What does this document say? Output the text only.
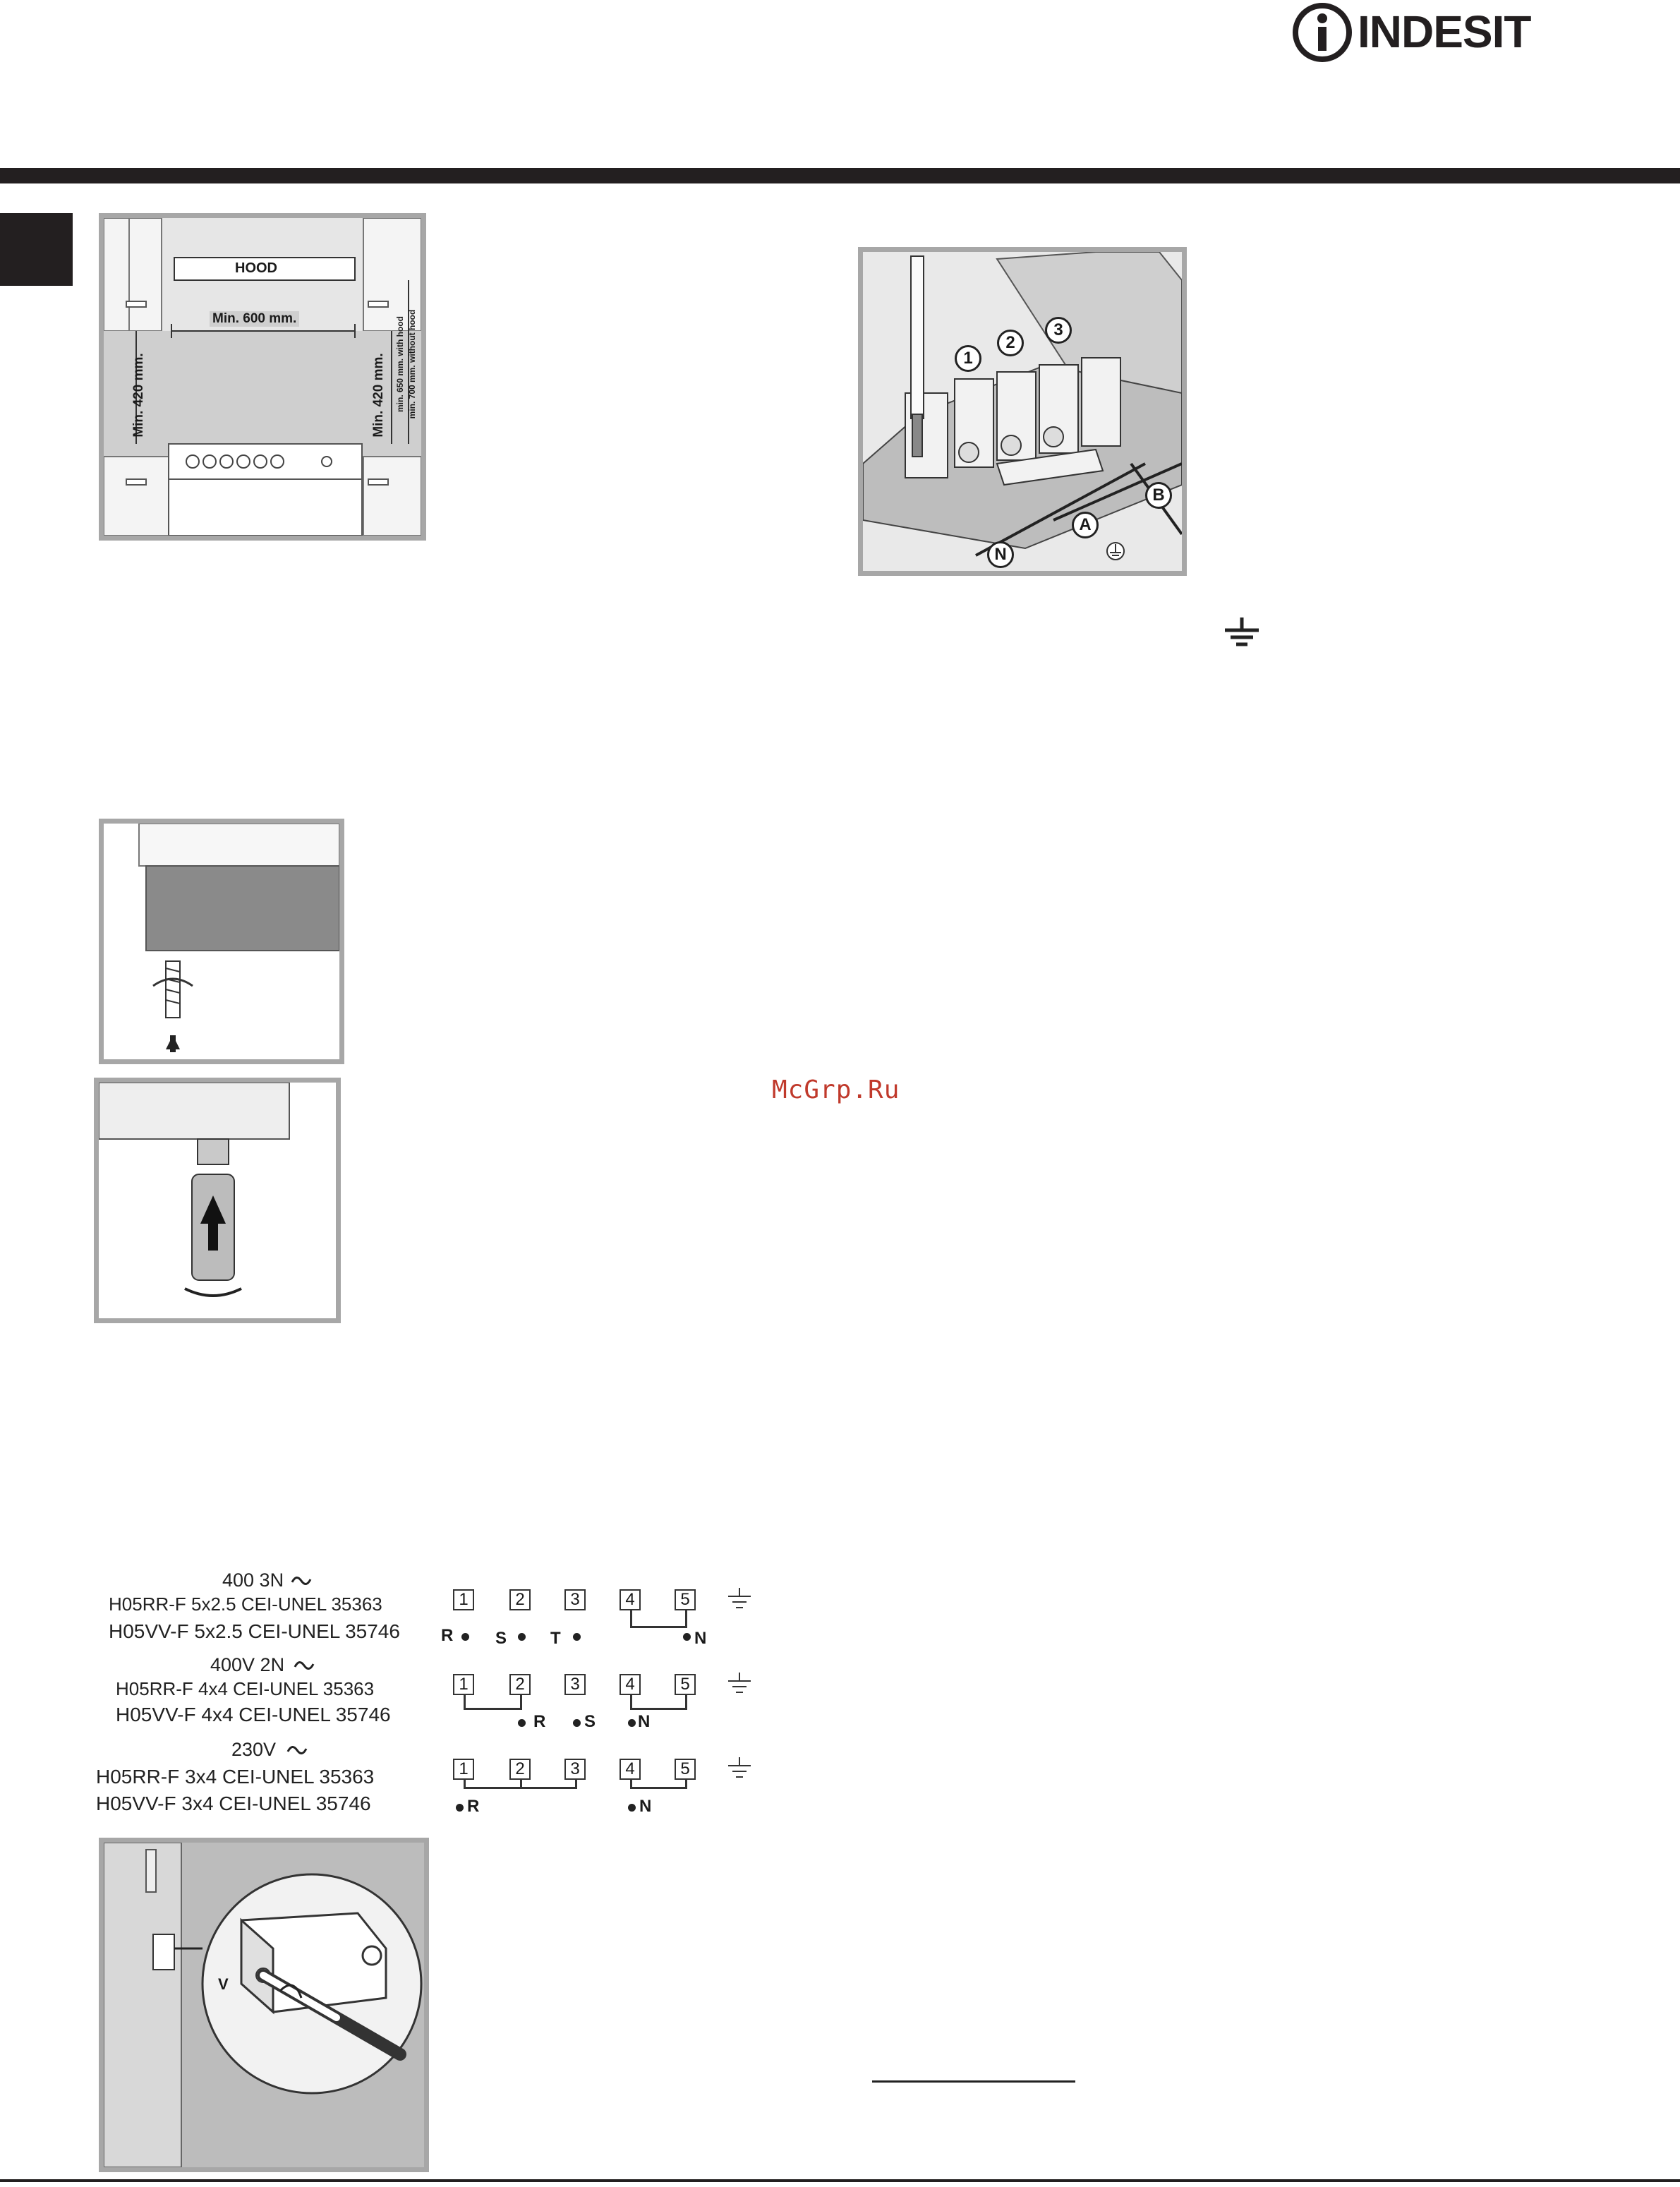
INDESIT
HOOD
Min. 600 mm.
Min. 420 mm.	Min. 420 mm. min. 650 mm. with hood min. 700 mm. without hood	1
2
3
A
B
N
McGrp.Ru
400 3N
H05RR-F 5x2.5 CEI-UNEL 35363
H05VV-F 5x2.5 CEI-UNEL 35746
400V 2N
H05RR-F 4x4 CEI-UNEL 35363
H05VV-F 4x4 CEI-UNEL 35746
230V
H05RR-F 3x4 CEI-UNEL 35363
H05VV-F 3x4 CEI-UNEL 35746
1	2	3	4	5
R S	T	N
1	2	3	4	5
R S N
1	2	3	4	5
R	N
V
